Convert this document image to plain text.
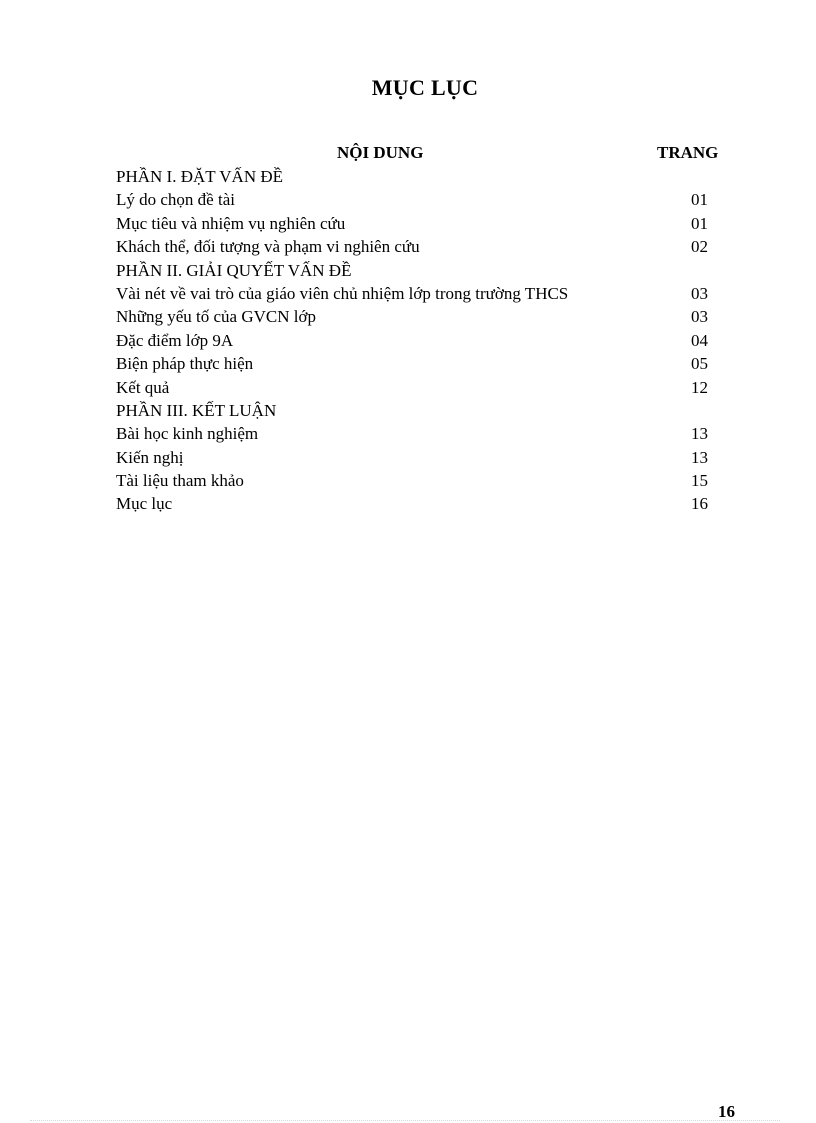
MỤC LỤC
NỘI DUNG	TRANG
PHẦN I. ĐẶT VẤN ĐỀ
Lý do chọn đề tài	01
Mục tiêu và nhiệm vụ nghiên cứu	01
Khách thể, đối tượng và phạm vi nghiên cứu	02
PHẦN II. GIẢI QUYẾT VẤN ĐỀ
Vài nét về vai trò của giáo viên chủ nhiệm lớp trong trường THCS	03
Những yếu tố của GVCN lớp	03
Đặc điểm lớp 9A	04
Biện pháp thực hiện	05
Kết quả	12
PHẦN III. KẾT LUẬN
Bài học kinh nghiệm	13
Kiến nghị	13
Tài liệu tham khảo	15
Mục lục	16
16
